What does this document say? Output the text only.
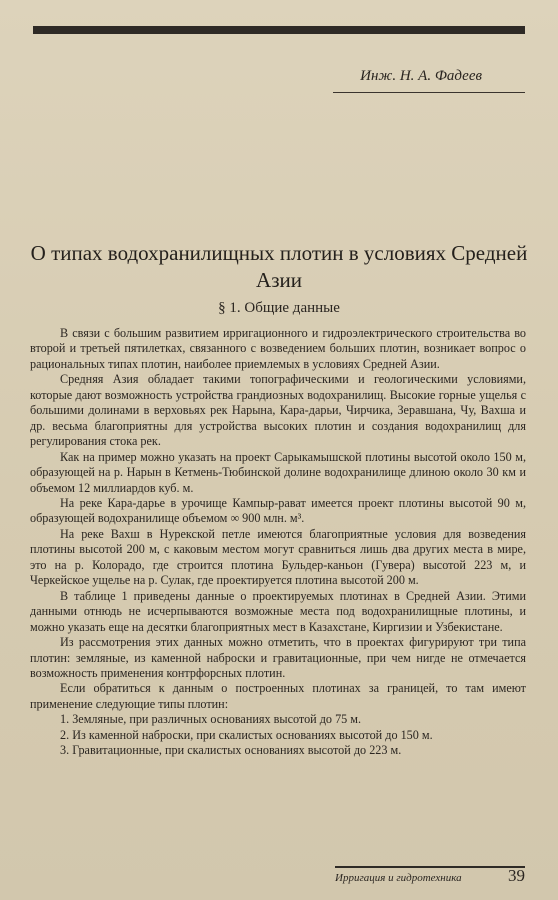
Инж. Н. А. Фадеев
О типах водохранилищных плотин в условиях Средней Азии
§ 1. Общие данные

В связи с большим развитием ирригационного и гидроэлектрического строительства во второй и третьей пятилетках, связанного с возведением больших плотин, возникает вопрос о рациональных типах плотин, наиболее приемлемых в условиях Средней Азии.

Средняя Азия обладает такими топографическими и геологическими условиями, которые дают возможность устройства грандиозных водохранилищ. Высокие горные ущелья с большими долинами в верховьях рек Нарына, Кара-дарьи, Чирчика, Зеравшана, Чу, Вахша и др. весьма благоприятны для устройства высоких плотин и создания водохранилищ для регулирования стока рек.

Как на пример можно указать на проект Сарыкамышской плотины высотой около 150 м, образующей на р. Нарын в Кетмень-Тюбинской долине водохранилище длиною около 30 км и объемом 12 миллиардов куб. м.

На реке Кара-дарье в урочище Кампыр-рават имеется проект плотины высотой 90 м, образующей водохранилище объемом ∞ 900 млн. м³.

На реке Вахш в Нурекской петле имеются благоприятные условия для возведения плотины высотой 200 м, с каковым местом могут сравниться лишь два других места в мире, это на р. Колорадо, где строится плотина Бульдер-каньон (Гувера) высотой 223 м, и Черкейское ущелье на р. Сулак, где проектируется плотина высотой 200 м.

В таблице 1 приведены данные о проектируемых плотинах в Средней Азии. Этими данными отнюдь не исчерпываются возможные места под водохранилищные плотины, и можно указать еще на десятки благоприятных мест в Казахстане, Киргизии и Узбекистане.

Из рассмотрения этих данных можно отметить, что в проектах фигурируют три типа плотин: земляные, из каменной наброски и гравитационные, при чем нигде не отмечается возможность применения контрфорсных плотин.

Если обратиться к данным о построенных плотинах за границей, то там имеют применение следующие типы плотин:

1. Земляные, при различных основаниях высотой до 75 м.

2. Из каменной наброски, при скалистых основаниях высотой до 150 м.

3. Гравитационные, при скалистых основаниях высотой до 223 м.

Ирригация и гидротехника	39
